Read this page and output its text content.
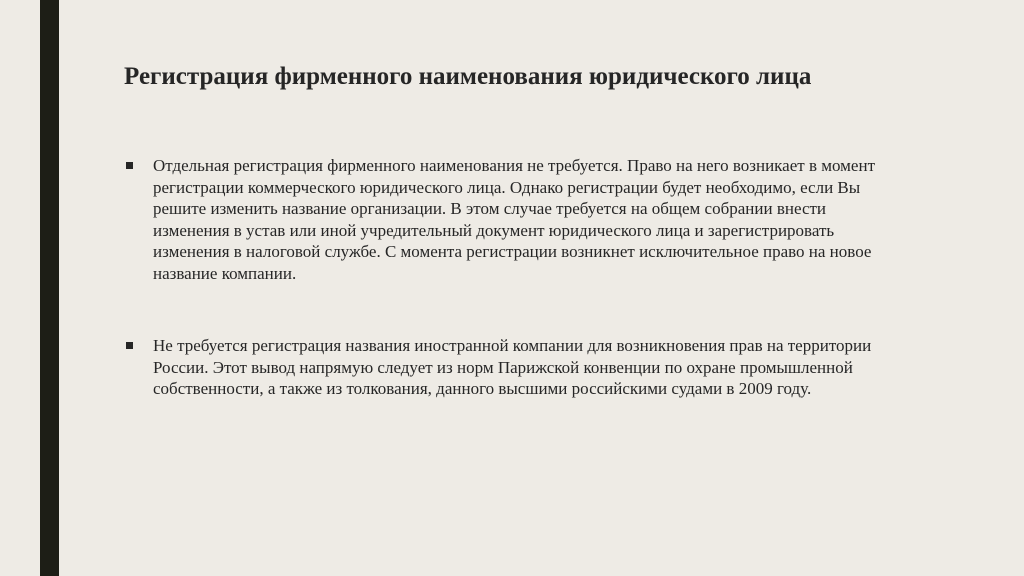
Регистрация фирменного наименования юридического лица
Отдельная регистрация фирменного наименования не требуется. Право на него возникает в момент регистрации коммерческого юридического лица. Однако регистрации будет необходимо, если Вы решите изменить название организации. В этом случае требуется на общем собрании внести изменения в устав или иной учредительный документ юридического лица и зарегистрировать изменения в налоговой службе. С момента регистрации возникнет исключительное право на новое название компании.
Не требуется регистрация названия иностранной компании для возникновения прав на территории России. Этот вывод напрямую следует из норм Парижской конвенции по охране промышленной собственности, а также из толкования, данного высшими российскими судами в 2009 году.
